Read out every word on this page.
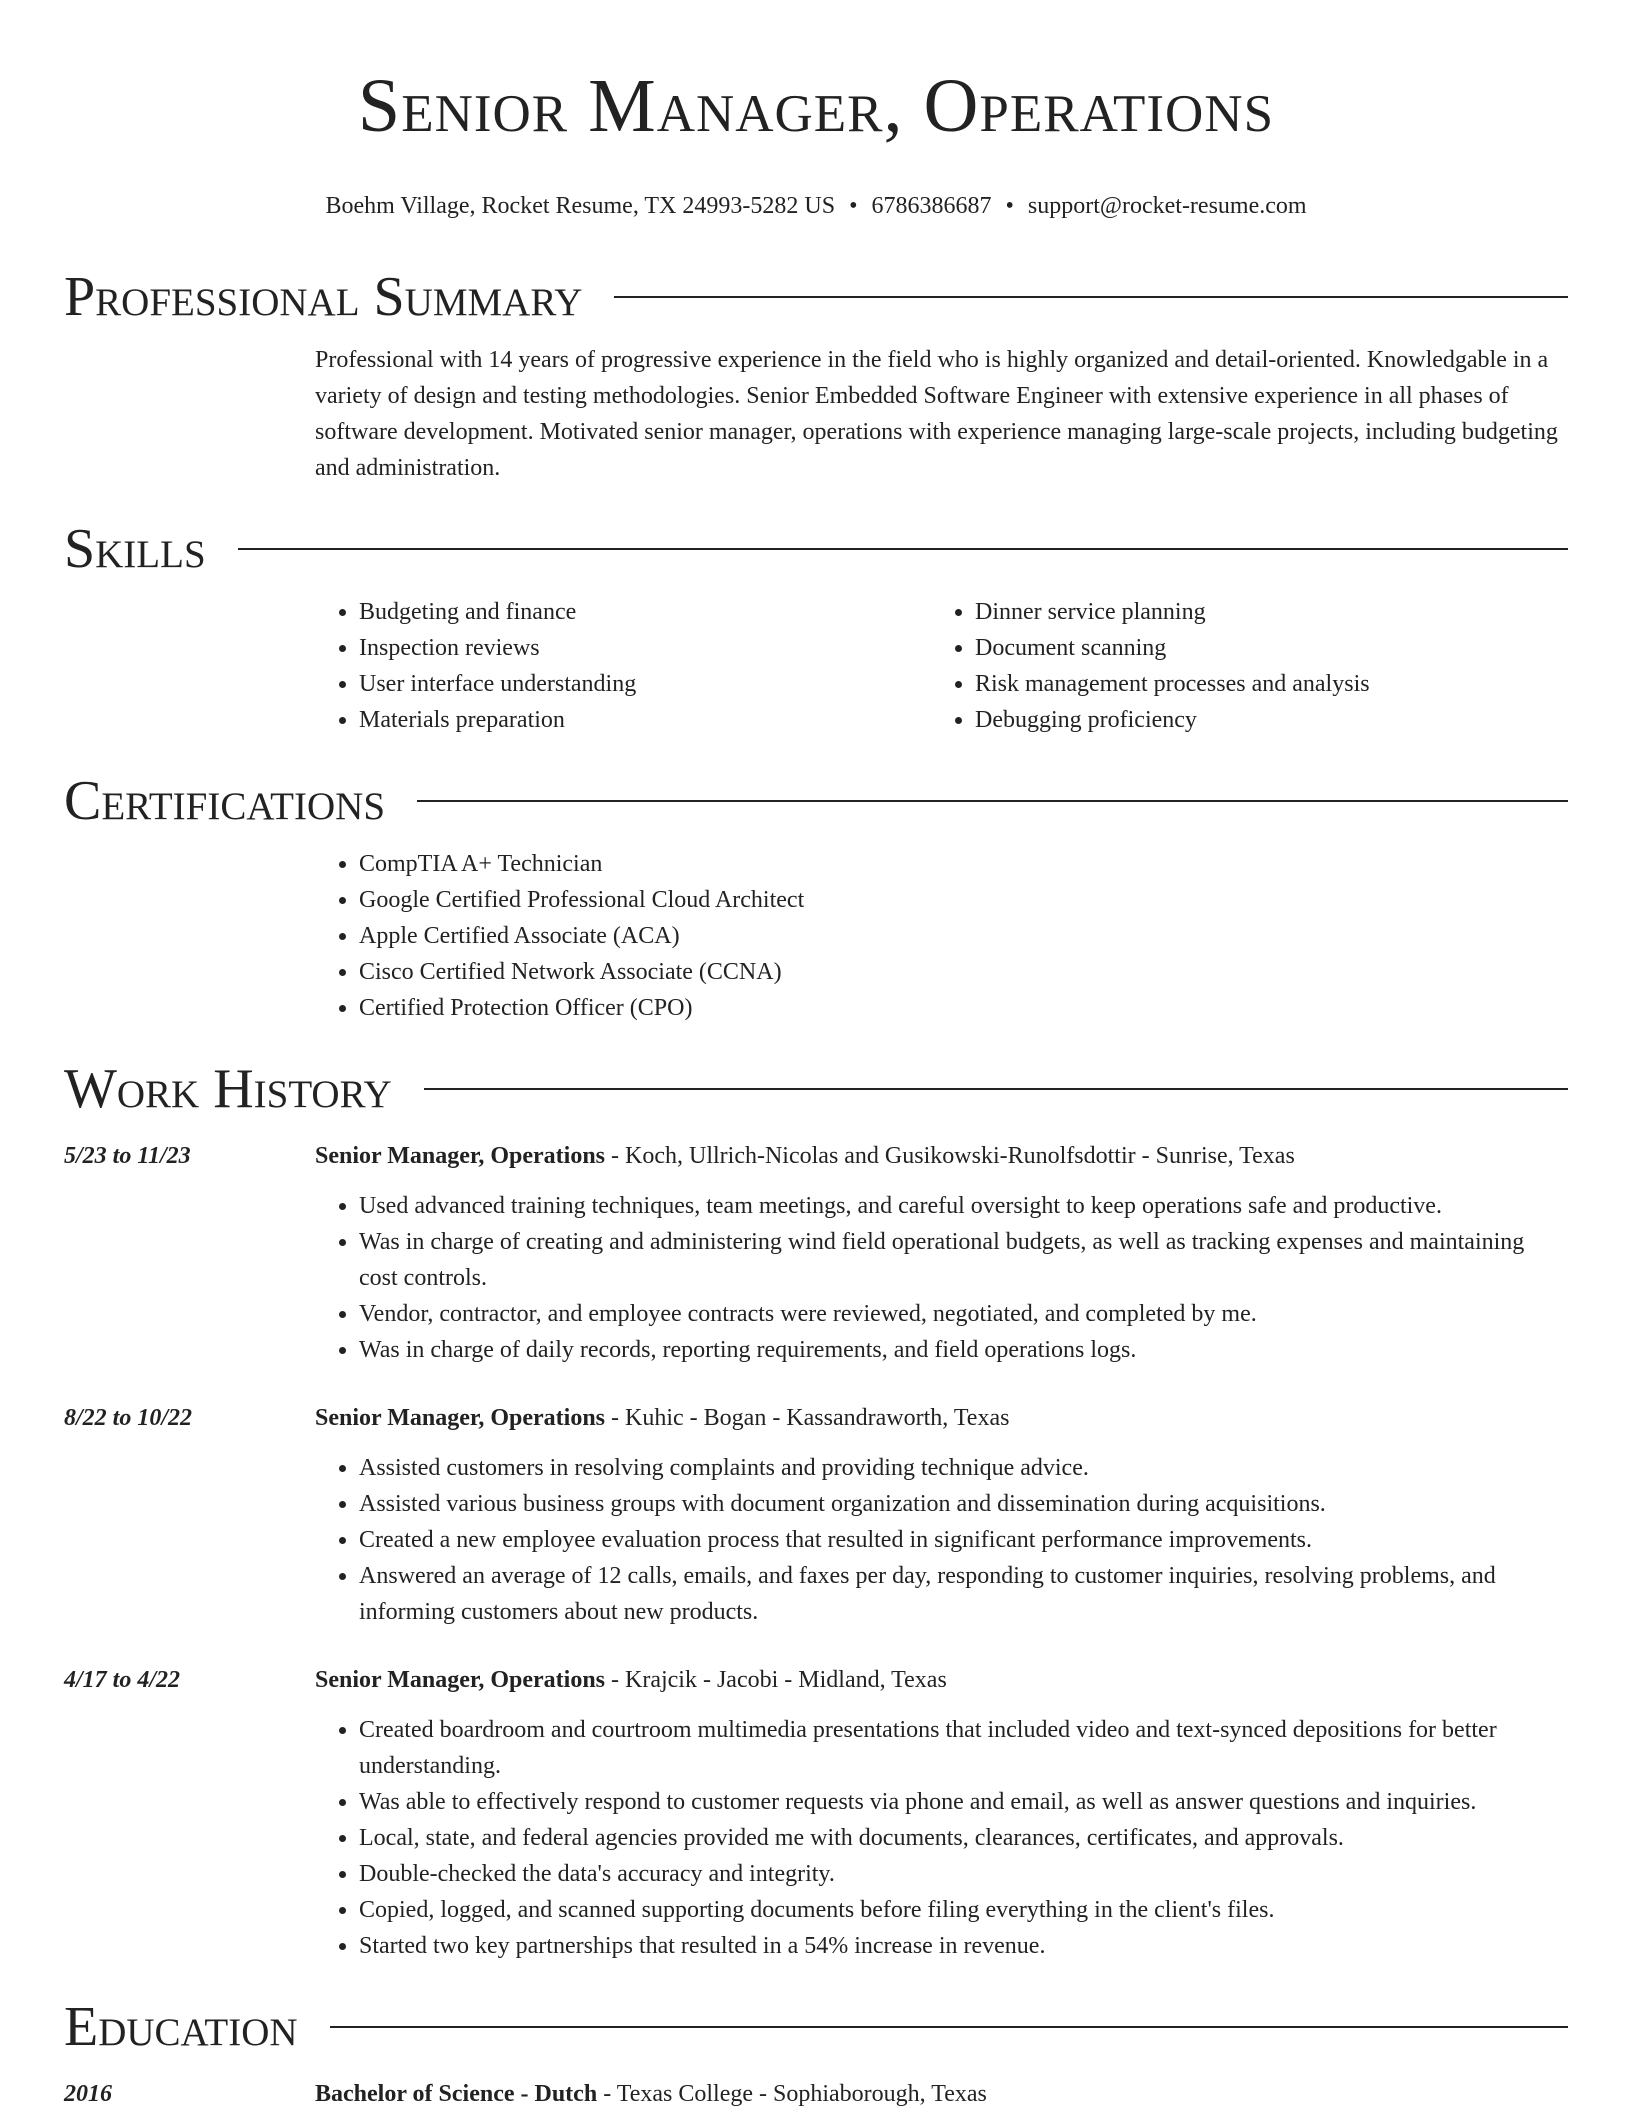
Senior Manager, Operations
Boehm Village, Rocket Resume, TX 24993-5282 US • 6786386687 • support@rocket-resume.com
Professional Summary

Professional with 14 years of progressive experience in the field who is highly organized and detail-oriented. Knowledgable in a variety of design and testing methodologies. Senior Embedded Software Engineer with extensive experience in all phases of software development. Motivated senior manager, operations with experience managing large-scale projects, including budgeting and administration.

Skills
• Budgeting and finance
• Inspection reviews
• User interface understanding
• Materials preparation
• Dinner service planning
• Document scanning
• Risk management processes and analysis
• Debugging proficiency
Certifications
• CompTIA A+ Technician
• Google Certified Professional Cloud Architect
• Apple Certified Associate (ACA)
• Cisco Certified Network Associate (CCNA)
• Certified Protection Officer (CPO)
Work History
5/23 to 11/23	Senior Manager, Operations - Koch, Ullrich-Nicolas and Gusikowski-Runolfsdottir - Sunrise, Texas

• Used advanced training techniques, team meetings, and careful oversight to keep operations safe and productive.
• Was in charge of creating and administering wind field operational budgets, as well as tracking expenses and maintaining cost controls.
• Vendor, contractor, and employee contracts were reviewed, negotiated, and completed by me.
• Was in charge of daily records, reporting requirements, and field operations logs.
8/22 to 10/22	Senior Manager, Operations - Kuhic - Bogan - Kassandraworth, Texas

• Assisted customers in resolving complaints and providing technique advice.
• Assisted various business groups with document organization and dissemination during acquisitions.
• Created a new employee evaluation process that resulted in significant performance improvements.
• Answered an average of 12 calls, emails, and faxes per day, responding to customer inquiries, resolving problems, and informing customers about new products.
4/17 to 4/22	Senior Manager, Operations - Krajcik - Jacobi - Midland, Texas

• Created boardroom and courtroom multimedia presentations that included video and text-synced depositions for better understanding.
• Was able to effectively respond to customer requests via phone and email, as well as answer questions and inquiries.
• Local, state, and federal agencies provided me with documents, clearances, certificates, and approvals.
• Double-checked the data's accuracy and integrity.
• Copied, logged, and scanned supporting documents before filing everything in the client's files.
• Started two key partnerships that resulted in a 54% increase in revenue.
Education
2016	Bachelor of Science - Dutch - Texas College - Sophiaborough, Texas
